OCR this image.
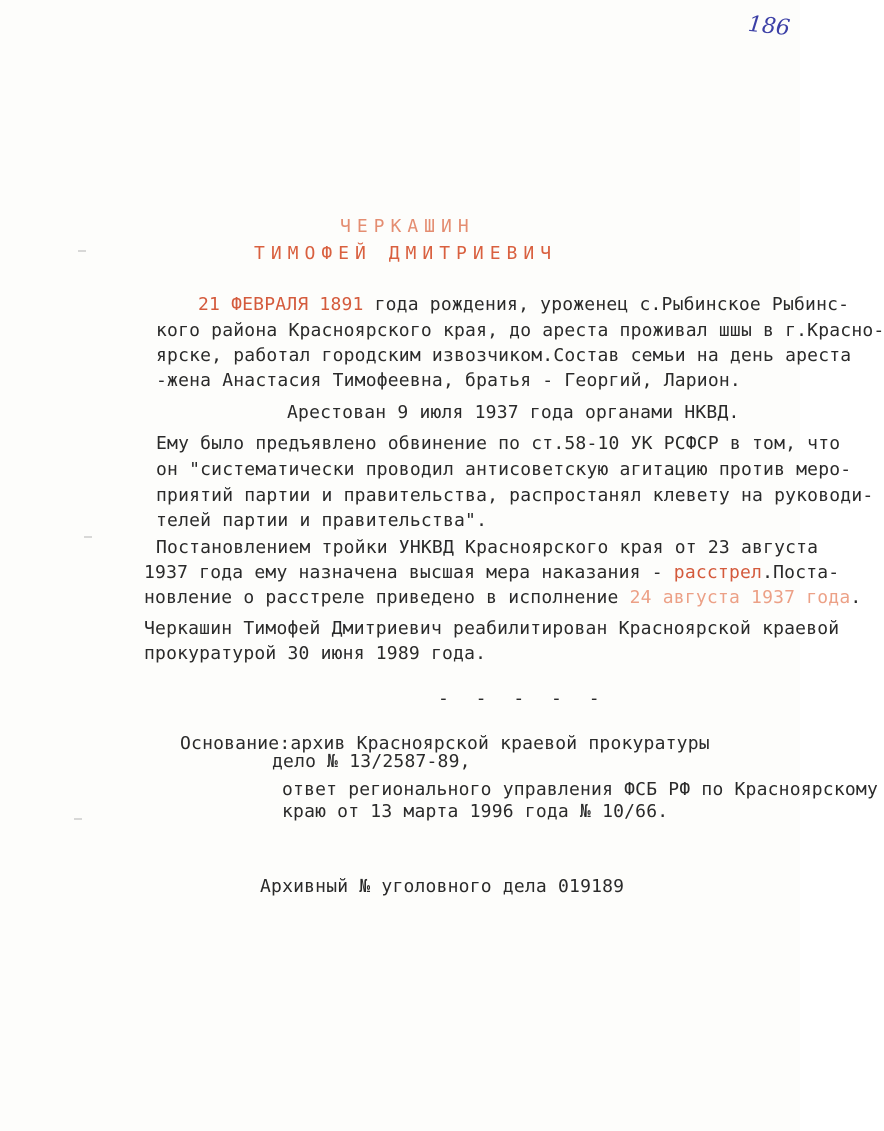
186
ЧЕРКАШИН
ТИМОФЕЙ ДМИТРИЕВИЧ
21 ФЕВРАЛЯ 1891 года рождения, уроженец с.Рыбинское Рыбинс-
кого района Красноярского края, до ареста проживал шшы в г.Красно-
ярске, работал городским извозчиком.Состав семьи на день ареста
-жена Анастасия Тимофеевна, братья - Георгий, Ларион.
Арестован 9 июля 1937 года органами НКВД.
Ему было предъявлено обвинение по ст.58-10 УК РСФСР в том, что
он "систематически проводил антисоветскую агитацию против меро-
приятий партии и правительства, распростанял клевету на руководи-
телей партии и правительства".
Постановлением тройки УНКВД Красноярского края от 23 августа
1937 года ему назначена высшая мера наказания - расстрел.Поста-
новление о расстреле приведено в исполнение 24 августа 1937 года.
Черкашин Тимофей Дмитриевич реабилитирован Красноярской краевой
прокуратурой 30 июня 1989 года.
- - - - -
Основание:архив Красноярской краевой прокуратуры
дело № 13/2587-89,
ответ регионального управления ФСБ РФ по Красноярскому
краю от 13 марта 1996 года № 10/66.
Архивный № уголовного дела 019189
